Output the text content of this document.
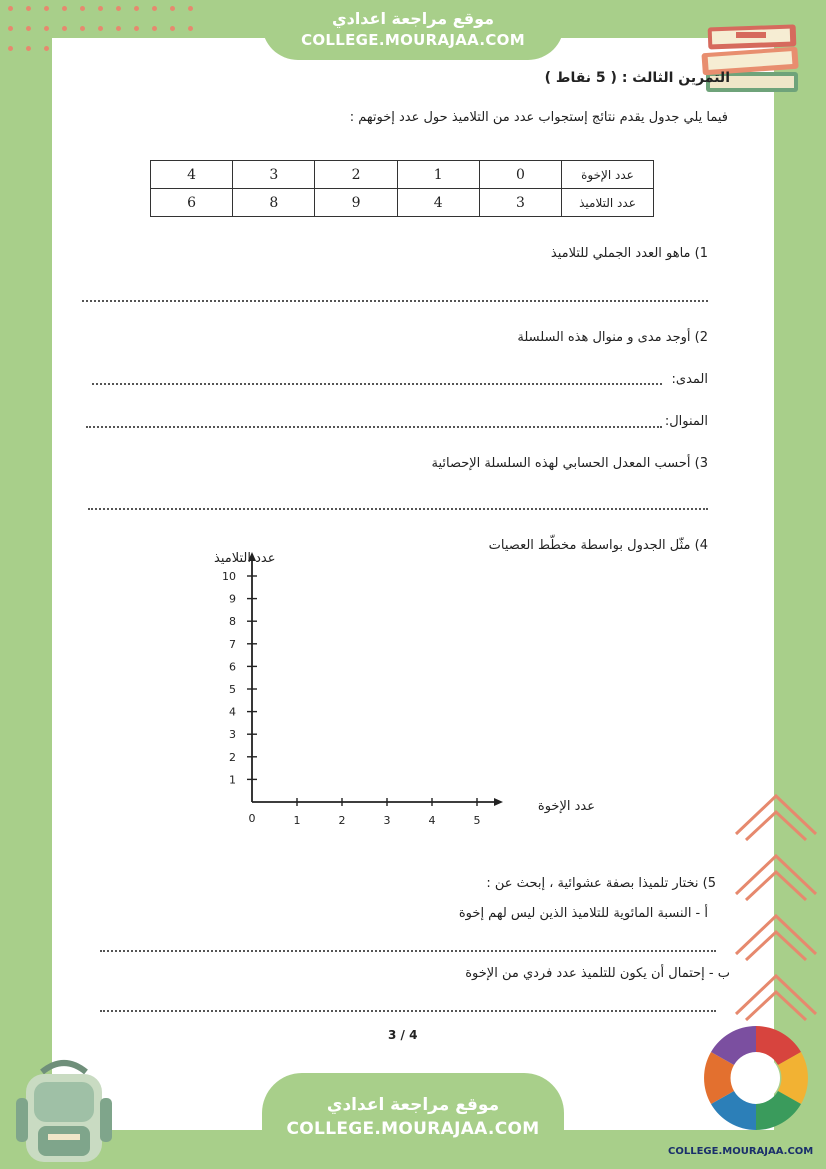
موقع مراجعة اعدادي
COLLEGE.MOURAJAA.COM
التمرين الثالث : ( 5 نقاط )
فيما يلي جدول يقدم نتائج إستجواب عدد من التلاميذ حول عدد إخوتهم :
عدد الإخوة	0	1	2	3	4
عدد التلاميذ	3	4	9	8	6
1) ماهو العدد الجملي للتلاميذ
2) أوجد مدى و منوال هذه السلسلة
المدى:
المنوال:
3) أحسب المعدل الحسابي لهذه السلسلة الإحصائية
4) مثّل الجدول بواسطة مخطّط العصيات
1	2	3	4	5
1
2
3
4
5
6
7
8
9
10
0
عدد الإخوة
عدد التلاميذ
5) نختار تلميذا بصفة عشوائية ، إبحث عن :
أ - النسبة المائوية للتلاميذ الذين ليس لهم إخوة
ب - إحتمال أن يكون للتلميذ عدد فردي من الإخوة
3 / 4
موقع مراجعة اعدادي
COLLEGE.MOURAJAA.COM
COLLEGE.MOURAJAA.COM
